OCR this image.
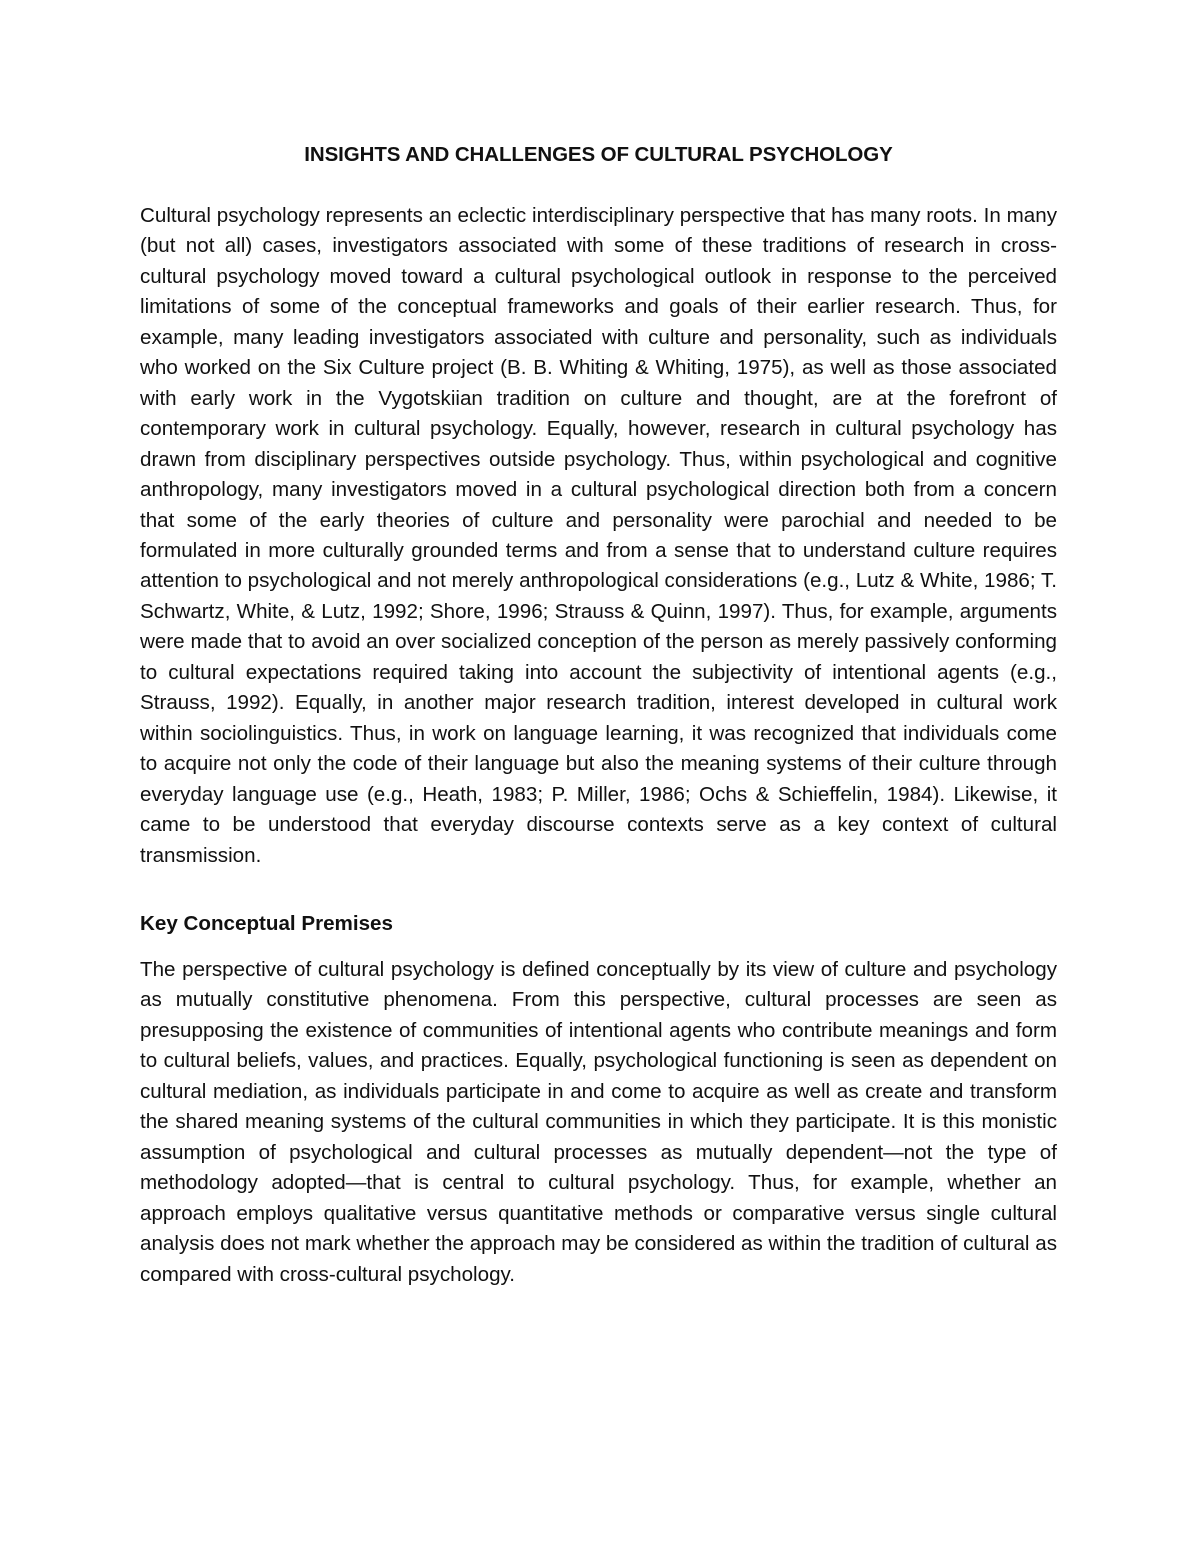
INSIGHTS AND CHALLENGES OF CULTURAL PSYCHOLOGY

Cultural psychology represents an eclectic interdisciplinary perspective that has many roots. In many (but not all) cases, investigators associated with some of these traditions of research in cross-cultural psychology moved toward a cultural psychological outlook in response to the perceived limitations of some of the conceptual frameworks and goals of their earlier research. Thus, for example, many leading investigators associated with culture and personality, such as individuals who worked on the Six Culture project (B. B. Whiting & Whiting, 1975), as well as those associated with early work in the Vygotskiian tradition on culture and thought, are at the forefront of contemporary work in cultural psychology. Equally, however, research in cultural psychology has drawn from disciplinary perspectives outside psychology. Thus, within psychological and cognitive anthropology, many investigators moved in a cultural psychological direction both from a concern that some of the early theories of culture and personality were parochial and needed to be formulated in more culturally grounded terms and from a sense that to understand culture requires attention to psychological and not merely anthropological considerations (e.g., Lutz & White, 1986; T. Schwartz, White, & Lutz, 1992; Shore, 1996; Strauss & Quinn, 1997). Thus, for example, arguments were made that to avoid an over socialized conception of the person as merely passively conforming to cultural expectations required taking into account the subjectivity of intentional agents (e.g., Strauss, 1992). Equally, in another major research tradition, interest developed in cultural work within sociolinguistics. Thus, in work on language learning, it was recognized that individuals come to acquire not only the code of their language but also the meaning systems of their culture through everyday language use (e.g., Heath, 1983; P. Miller, 1986; Ochs & Schieffelin, 1984). Likewise, it came to be understood that everyday discourse contexts serve as a key context of cultural transmission.

Key Conceptual Premises

The perspective of cultural psychology is defined conceptually by its view of culture and psychology as mutually constitutive phenomena. From this perspective, cultural processes are seen as presupposing the existence of communities of intentional agents who contribute meanings and form to cultural beliefs, values, and practices. Equally, psychological functioning is seen as dependent on cultural mediation, as individuals participate in and come to acquire as well as create and transform the shared meaning systems of the cultural communities in which they participate. It is this monistic assumption of psychological and cultural processes as mutually dependent—not the type of methodology adopted—that is central to cultural psychology. Thus, for example, whether an approach employs qualitative versus quantitative methods or comparative versus single cultural analysis does not mark whether the approach may be considered as within the tradition of cultural as compared with cross-cultural psychology.
